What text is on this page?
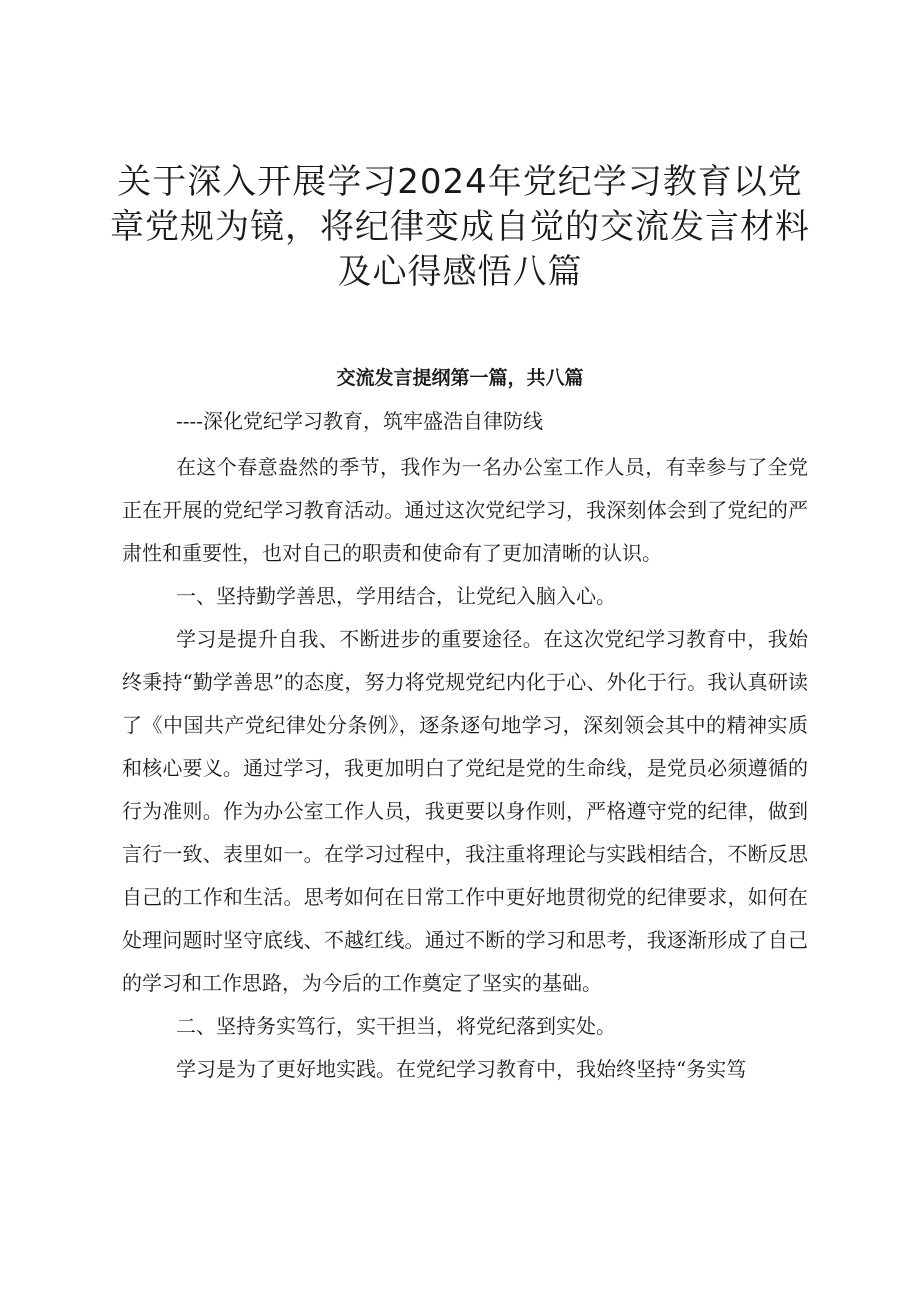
关于深入开展学习2024年党纪学习教育以党章党规为镜，将纪律变成自觉的交流发言材料及心得感悟八篇
交流发言提纲第一篇，共八篇

----深化党纪学习教育，筑牢盛浩自律防线

在这个春意盎然的季节，我作为一名办公室工作人员，有幸参与了全党正在开展的党纪学习教育活动。通过这次党纪学习，我深刻体会到了党纪的严肃性和重要性，也对自己的职责和使命有了更加清晰的认识。

一、坚持勤学善思，学用结合，让党纪入脑入心。

学习是提升自我、不断进步的重要途径。在这次党纪学习教育中，我始终秉持“勤学善思”的态度，努力将党规党纪内化于心、外化于行。我认真研读了《中国共产党纪律处分条例》，逐条逐句地学习，深刻领会其中的精神实质和核心要义。通过学习，我更加明白了党纪是党的生命线，是党员必须遵循的行为准则。作为办公室工作人员，我更要以身作则，严格遵守党的纪律，做到言行一致、表里如一。在学习过程中，我注重将理论与实践相结合，不断反思自己的工作和生活。思考如何在日常工作中更好地贯彻党的纪律要求，如何在处理问题时坚守底线、不越红线。通过不断的学习和思考，我逐渐形成了自己的学习和工作思路，为今后的工作奠定了坚实的基础。

二、坚持务实笃行，实干担当，将党纪落到实处。

学习是为了更好地实践。在党纪学习教育中，我始终坚持“务实笃
